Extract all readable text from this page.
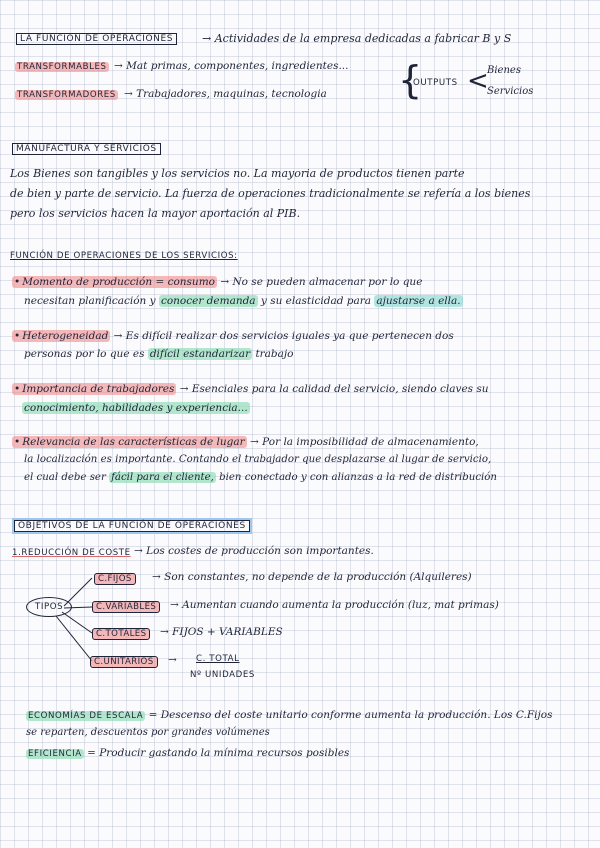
LA FUNCION DE OPERACIONES	→ Actividades de la empresa dedicadas a fabricar B y S
TRANSFORMABLES → Mat primas, componentes, ingredientes...
TRANSFORMADORES → Trabajadores, maquinas, tecnologia {
OUTPUTS <
Bienes
Servicios
MANUFACTURA Y SERVICIOS
Los Bienes son tangibles y los servicios no. La mayoria de productos tienen parte
de bien y parte de servicio. La fuerza de operaciones tradicionalmente se refería a los bienes
pero los servicios hacen la mayor aportación al PIB.
FUNCIÓN DE OPERACIONES DE LOS SERVICIOS:
• Momento de producción = consumo → No se pueden almacenar por lo que
necesitan planificación y conocer demanda y su elasticidad para ajustarse a ella.
• Heterogeneidad → Es difícil realizar dos servicios iguales ya que pertenecen dos
personas por lo que es difícil estandarizar trabajo
• Importancia de trabajadores → Esenciales para la calidad del servicio, siendo claves su
conocimiento, habilidades y experiencia...
• Relevancia de las características de lugar → Por la imposibilidad de almacenamiento,
la localización es importante. Contando el trabajador que desplazarse al lugar de servicio,
el cual debe ser fácil para el cliente, bien conectado y con alianzas a la red de distribución
OBJETIVOS DE LA FUNCIÓN DE OPERACIONES
1.REDUCCIÓN DE COSTE → Los costes de producción son importantes.
TIPOS
C.FIJOS	→ Son constantes, no depende de la producción (Alquileres)
C.VARIABLES	→ Aumentan cuando aumenta la producción (luz, mat primas)
C.TOTALES	→ FIJOS + VARIABLES
C.UNITARIOS	→ C. TOTAL
Nº UNIDADES
ECONOMÍAS DE ESCALA = Descenso del coste unitario conforme aumenta la producción. Los C.Fijos
se reparten, descuentos por grandes volúmenes
EFICIENCIA = Producir gastando la mínima recursos posibles
